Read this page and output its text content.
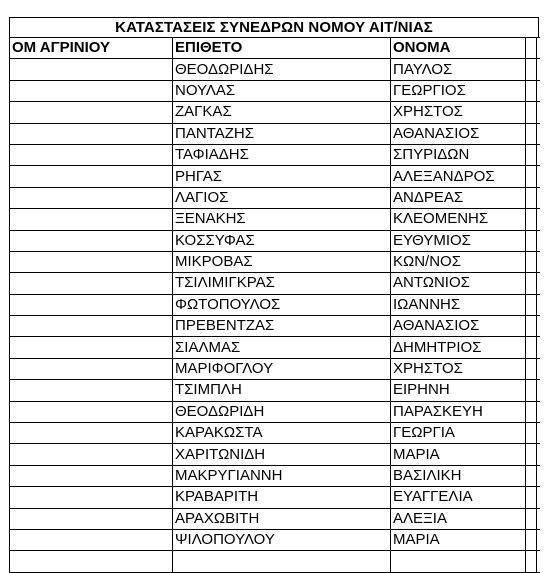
ΚΑΤΑΣΤΑΣΕΙΣ ΣΥΝΕΔΡΩΝ ΝΟΜΟΥ ΑΙΤ/ΝΙΑΣ
ΟΜ ΑΓΡΙΝΙΟΥ	ΕΠΙΘΕΤΟ	ΟΝΟΜΑ	
	ΘΕΟΔΩΡΙΔΗΣ	ΠΑΥΛΟΣ	
	ΝΟΥΛΑΣ	ΓΕΩΡΓΙΟΣ	
	ΖΑΓΚΑΣ	ΧΡΗΣΤΟΣ	
	ΠΑΝΤΑΖΗΣ	ΑΘΑΝΑΣΙΟΣ	
	ΤΑΦΙΑΔΗΣ	ΣΠΥΡΙΔΩΝ	
	ΡΗΓΑΣ	ΑΛΕΞΑΝΔΡΟΣ	
	ΛΑΓΙΟΣ	ΑΝΔΡΕΑΣ	
	ΞΕΝΑΚΗΣ	ΚΛΕΟΜΕΝΗΣ	
	ΚΟΣΣΥΦΑΣ	ΕΥΘΥΜΙΟΣ	
	ΜΙΚΡΟΒΑΣ	ΚΩΝ/ΝΟΣ	
	ΤΣΙΛΙΜΙΓΚΡΑΣ	ΑΝΤΩΝΙΟΣ	
	ΦΩΤΟΠΟΥΛΟΣ	ΙΩΑΝΝΗΣ	
	ΠΡΕΒΕΝΤΖΑΣ	ΑΘΑΝΑΣΙΟΣ	
	ΣΙΑΛΜΑΣ	ΔΗΜΗΤΡΙΟΣ	
	ΜΑΡΙΦΟΓΛΟΥ	ΧΡΗΣΤΟΣ	
	ΤΣΙΜΠΛΗ	ΕΙΡΗΝΗ	
	ΘΕΟΔΩΡΙΔΗ	ΠΑΡΑΣΚΕΥΗ	
	ΚΑΡΑΚΩΣΤΑ	ΓΕΩΡΓΙΑ	
	ΧΑΡΙΤΩΝΙΔΗ	ΜΑΡΙΑ	
	ΜΑΚΡΥΓΙΑΝΝΗ	ΒΑΣΙΛΙΚΗ	
	ΚΡΑΒΑΡΙΤΗ	ΕΥΑΓΓΕΛΙΑ	
	ΑΡΑΧΩΒΙΤΗ	ΑΛΕΞΙΑ	
	ΨΙΛΟΠΟΥΛΟΥ	ΜΑΡΙΑ	
